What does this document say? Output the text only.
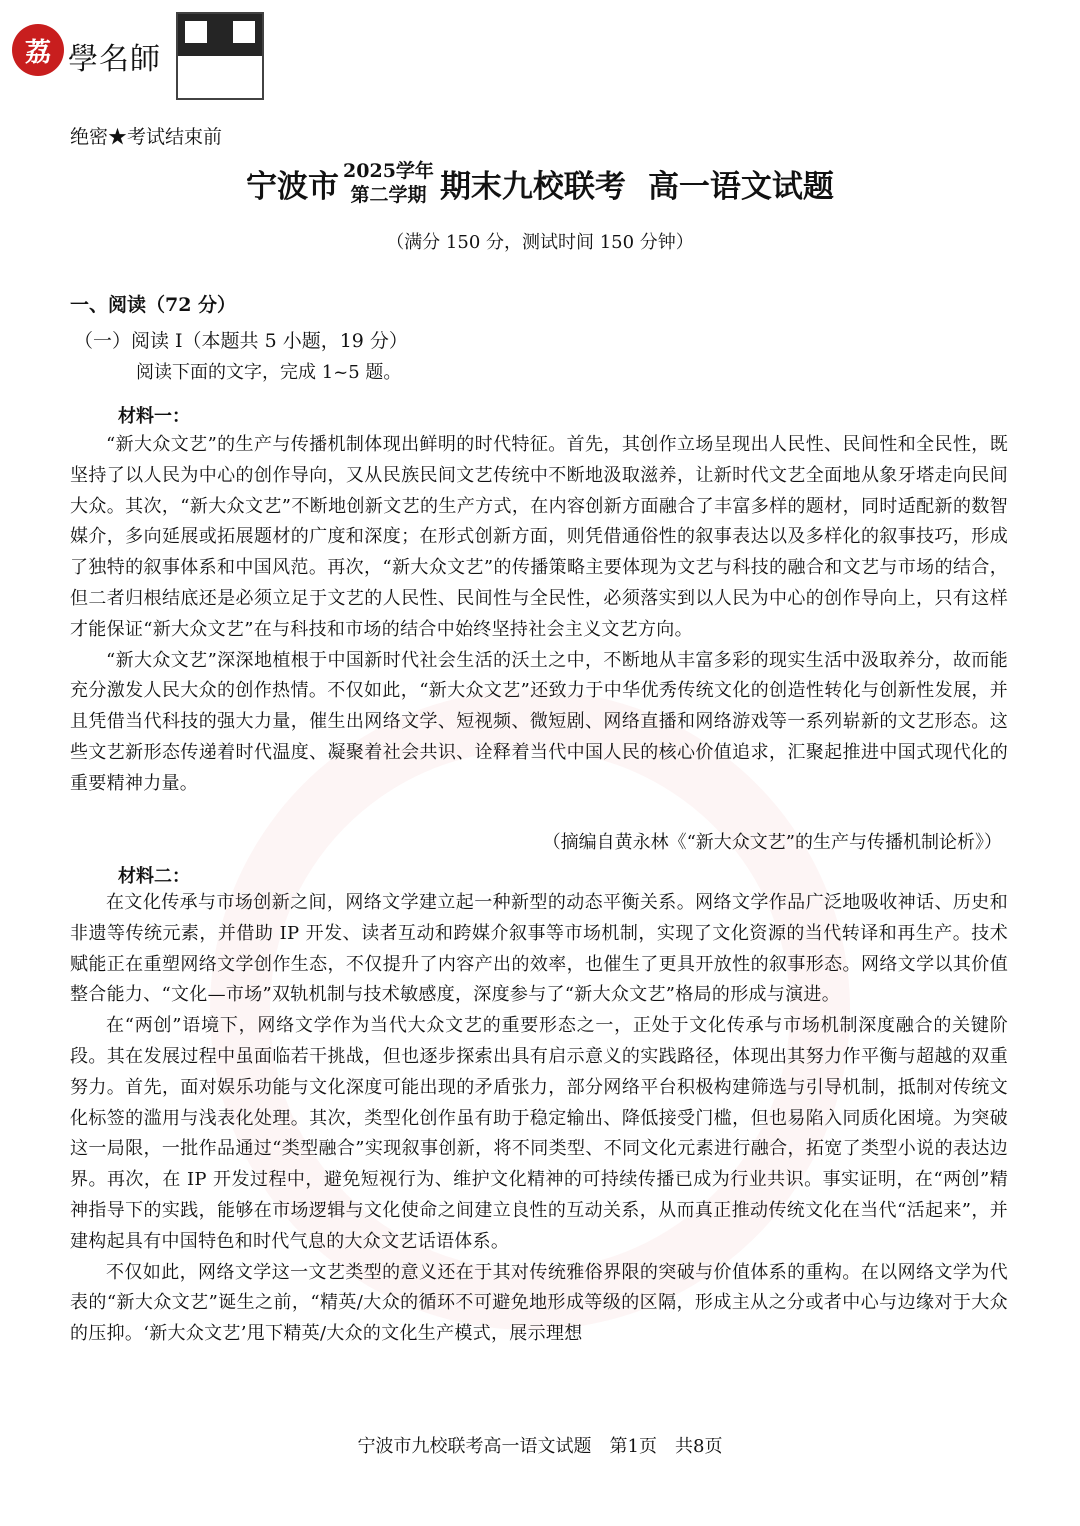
荔 學名師
绝密★考试结束前
宁波市 2025学年
第二学期 期末九校联考 高一语文试题
（满分 150 分，测试时间 150 分钟）
一、阅读（72 分）
（一）阅读 I（本题共 5 小题，19 分）
阅读下面的文字，完成 1~5 题。
材料一：

“新大众文艺”的生产与传播机制体现出鲜明的时代特征。首先，其创作立场呈现出人民性、民间性和全民性，既坚持了以人民为中心的创作导向，又从民族民间文艺传统中不断地汲取滋养，让新时代文艺全面地从象牙塔走向民间大众。其次，“新大众文艺”不断地创新文艺的生产方式，在内容创新方面融合了丰富多样的题材，同时适配新的数智媒介，多向延展或拓展题材的广度和深度；在形式创新方面，则凭借通俗性的叙事表达以及多样化的叙事技巧，形成了独特的叙事体系和中国风范。再次，“新大众文艺”的传播策略主要体现为文艺与科技的融合和文艺与市场的结合，但二者归根结底还是必须立足于文艺的人民性、民间性与全民性，必须落实到以人民为中心的创作导向上，只有这样才能保证“新大众文艺”在与科技和市场的结合中始终坚持社会主义文艺方向。

“新大众文艺”深深地植根于中国新时代社会生活的沃土之中，不断地从丰富多彩的现实生活中汲取养分，故而能充分激发人民大众的创作热情。不仅如此，“新大众文艺”还致力于中华优秀传统文化的创造性转化与创新性发展，并且凭借当代科技的强大力量，催生出网络文学、短视频、微短剧、网络直播和网络游戏等一系列崭新的文艺形态。这些文艺新形态传递着时代温度、凝聚着社会共识、诠释着当代中国人民的核心价值追求，汇聚起推进中国式现代化的重要精神力量。

（摘编自黄永林《“新大众文艺”的生产与传播机制论析》）
材料二：

在文化传承与市场创新之间，网络文学建立起一种新型的动态平衡关系。网络文学作品广泛地吸收神话、历史和非遗等传统元素，并借助 IP 开发、读者互动和跨媒介叙事等市场机制，实现了文化资源的当代转译和再生产。技术赋能正在重塑网络文学创作生态，不仅提升了内容产出的效率，也催生了更具开放性的叙事形态。网络文学以其价值整合能力、“文化—市场”双轨机制与技术敏感度，深度参与了“新大众文艺”格局的形成与演进。

在“两创”语境下，网络文学作为当代大众文艺的重要形态之一，正处于文化传承与市场机制深度融合的关键阶段。其在发展过程中虽面临若干挑战，但也逐步探索出具有启示意义的实践路径，体现出其努力作平衡与超越的双重努力。首先，面对娱乐功能与文化深度可能出现的矛盾张力，部分网络平台积极构建筛选与引导机制，抵制对传统文化标签的滥用与浅表化处理。其次，类型化创作虽有助于稳定输出、降低接受门槛，但也易陷入同质化困境。为突破这一局限，一批作品通过“类型融合”实现叙事创新，将不同类型、不同文化元素进行融合，拓宽了类型小说的表达边界。再次，在 IP 开发过程中，避免短视行为、维护文化精神的可持续传播已成为行业共识。事实证明，在“两创”精神指导下的实践，能够在市场逻辑与文化使命之间建立良性的互动关系，从而真正推动传统文化在当代“活起来”，并建构起具有中国特色和时代气息的大众文艺话语体系。

不仅如此，网络文学这一文艺类型的意义还在于其对传统雅俗界限的突破与价值体系的重构。在以网络文学为代表的“新大众文艺”诞生之前，“精英/大众的循环不可避免地形成等级的区隔，形成主从之分或者中心与边缘对于大众的压抑。‘新大众文艺’甩下精英/大众的文化生产模式，展示理想

宁波市九校联考高一语文试题　第1页　共8页
